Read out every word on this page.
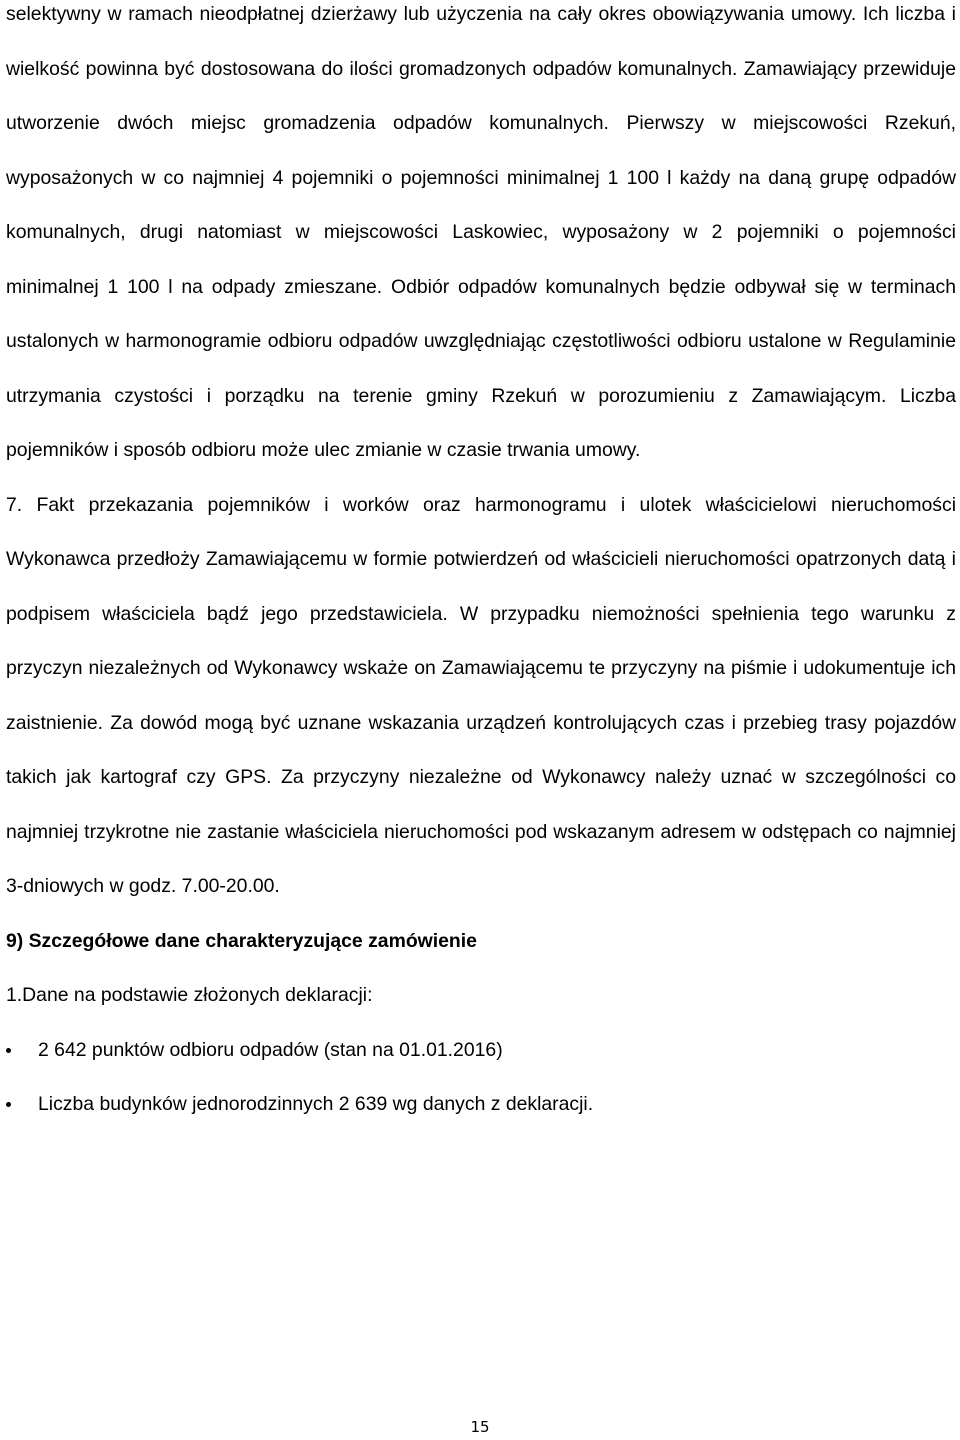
selektywny w ramach nieodpłatnej dzierżawy lub użyczenia na cały okres obowiązywania umowy. Ich liczba i wielkość powinna być dostosowana do ilości gromadzonych odpadów komunalnych. Zamawiający przewiduje utworzenie dwóch miejsc gromadzenia odpadów komunalnych. Pierwszy w miejscowości Rzekuń, wyposażonych w co najmniej 4 pojemniki o pojemności minimalnej 1 100 l każdy na daną grupę odpadów komunalnych, drugi natomiast w miejscowości Laskowiec, wyposażony w 2 pojemniki o pojemności minimalnej 1 100 l na odpady zmieszane. Odbiór odpadów komunalnych będzie odbywał się w terminach ustalonych w harmonogramie odbioru odpadów uwzględniając częstotliwości odbioru ustalone w Regulaminie utrzymania czystości i porządku na terenie gminy Rzekuń w porozumieniu z Zamawiającym. Liczba pojemników i sposób odbioru może ulec zmianie w czasie trwania umowy.

7. Fakt przekazania pojemników i worków oraz harmonogramu i ulotek właścicielowi nieruchomości Wykonawca przedłoży Zamawiającemu w formie potwierdzeń od właścicieli nieruchomości opatrzonych datą i podpisem właściciela bądź jego przedstawiciela. W przypadku niemożności spełnienia tego warunku z przyczyn niezależnych od Wykonawcy wskaże on Zamawiającemu te przyczyny na piśmie i udokumentuje ich zaistnienie. Za dowód mogą być uznane wskazania urządzeń kontrolujących czas i przebieg trasy pojazdów takich jak kartograf czy GPS. Za przyczyny niezależne od Wykonawcy należy uznać w szczególności co najmniej trzykrotne nie zastanie właściciela nieruchomości pod wskazanym adresem w odstępach co najmniej 3-dniowych w godz. 7.00-20.00.

9) Szczegółowe dane charakteryzujące zamówienie

1.Dane na podstawie złożonych deklaracji:

2 642 punktów odbioru odpadów (stan na 01.01.2016)
Liczba budynków jednorodzinnych 2 639 wg danych z deklaracji.
15
